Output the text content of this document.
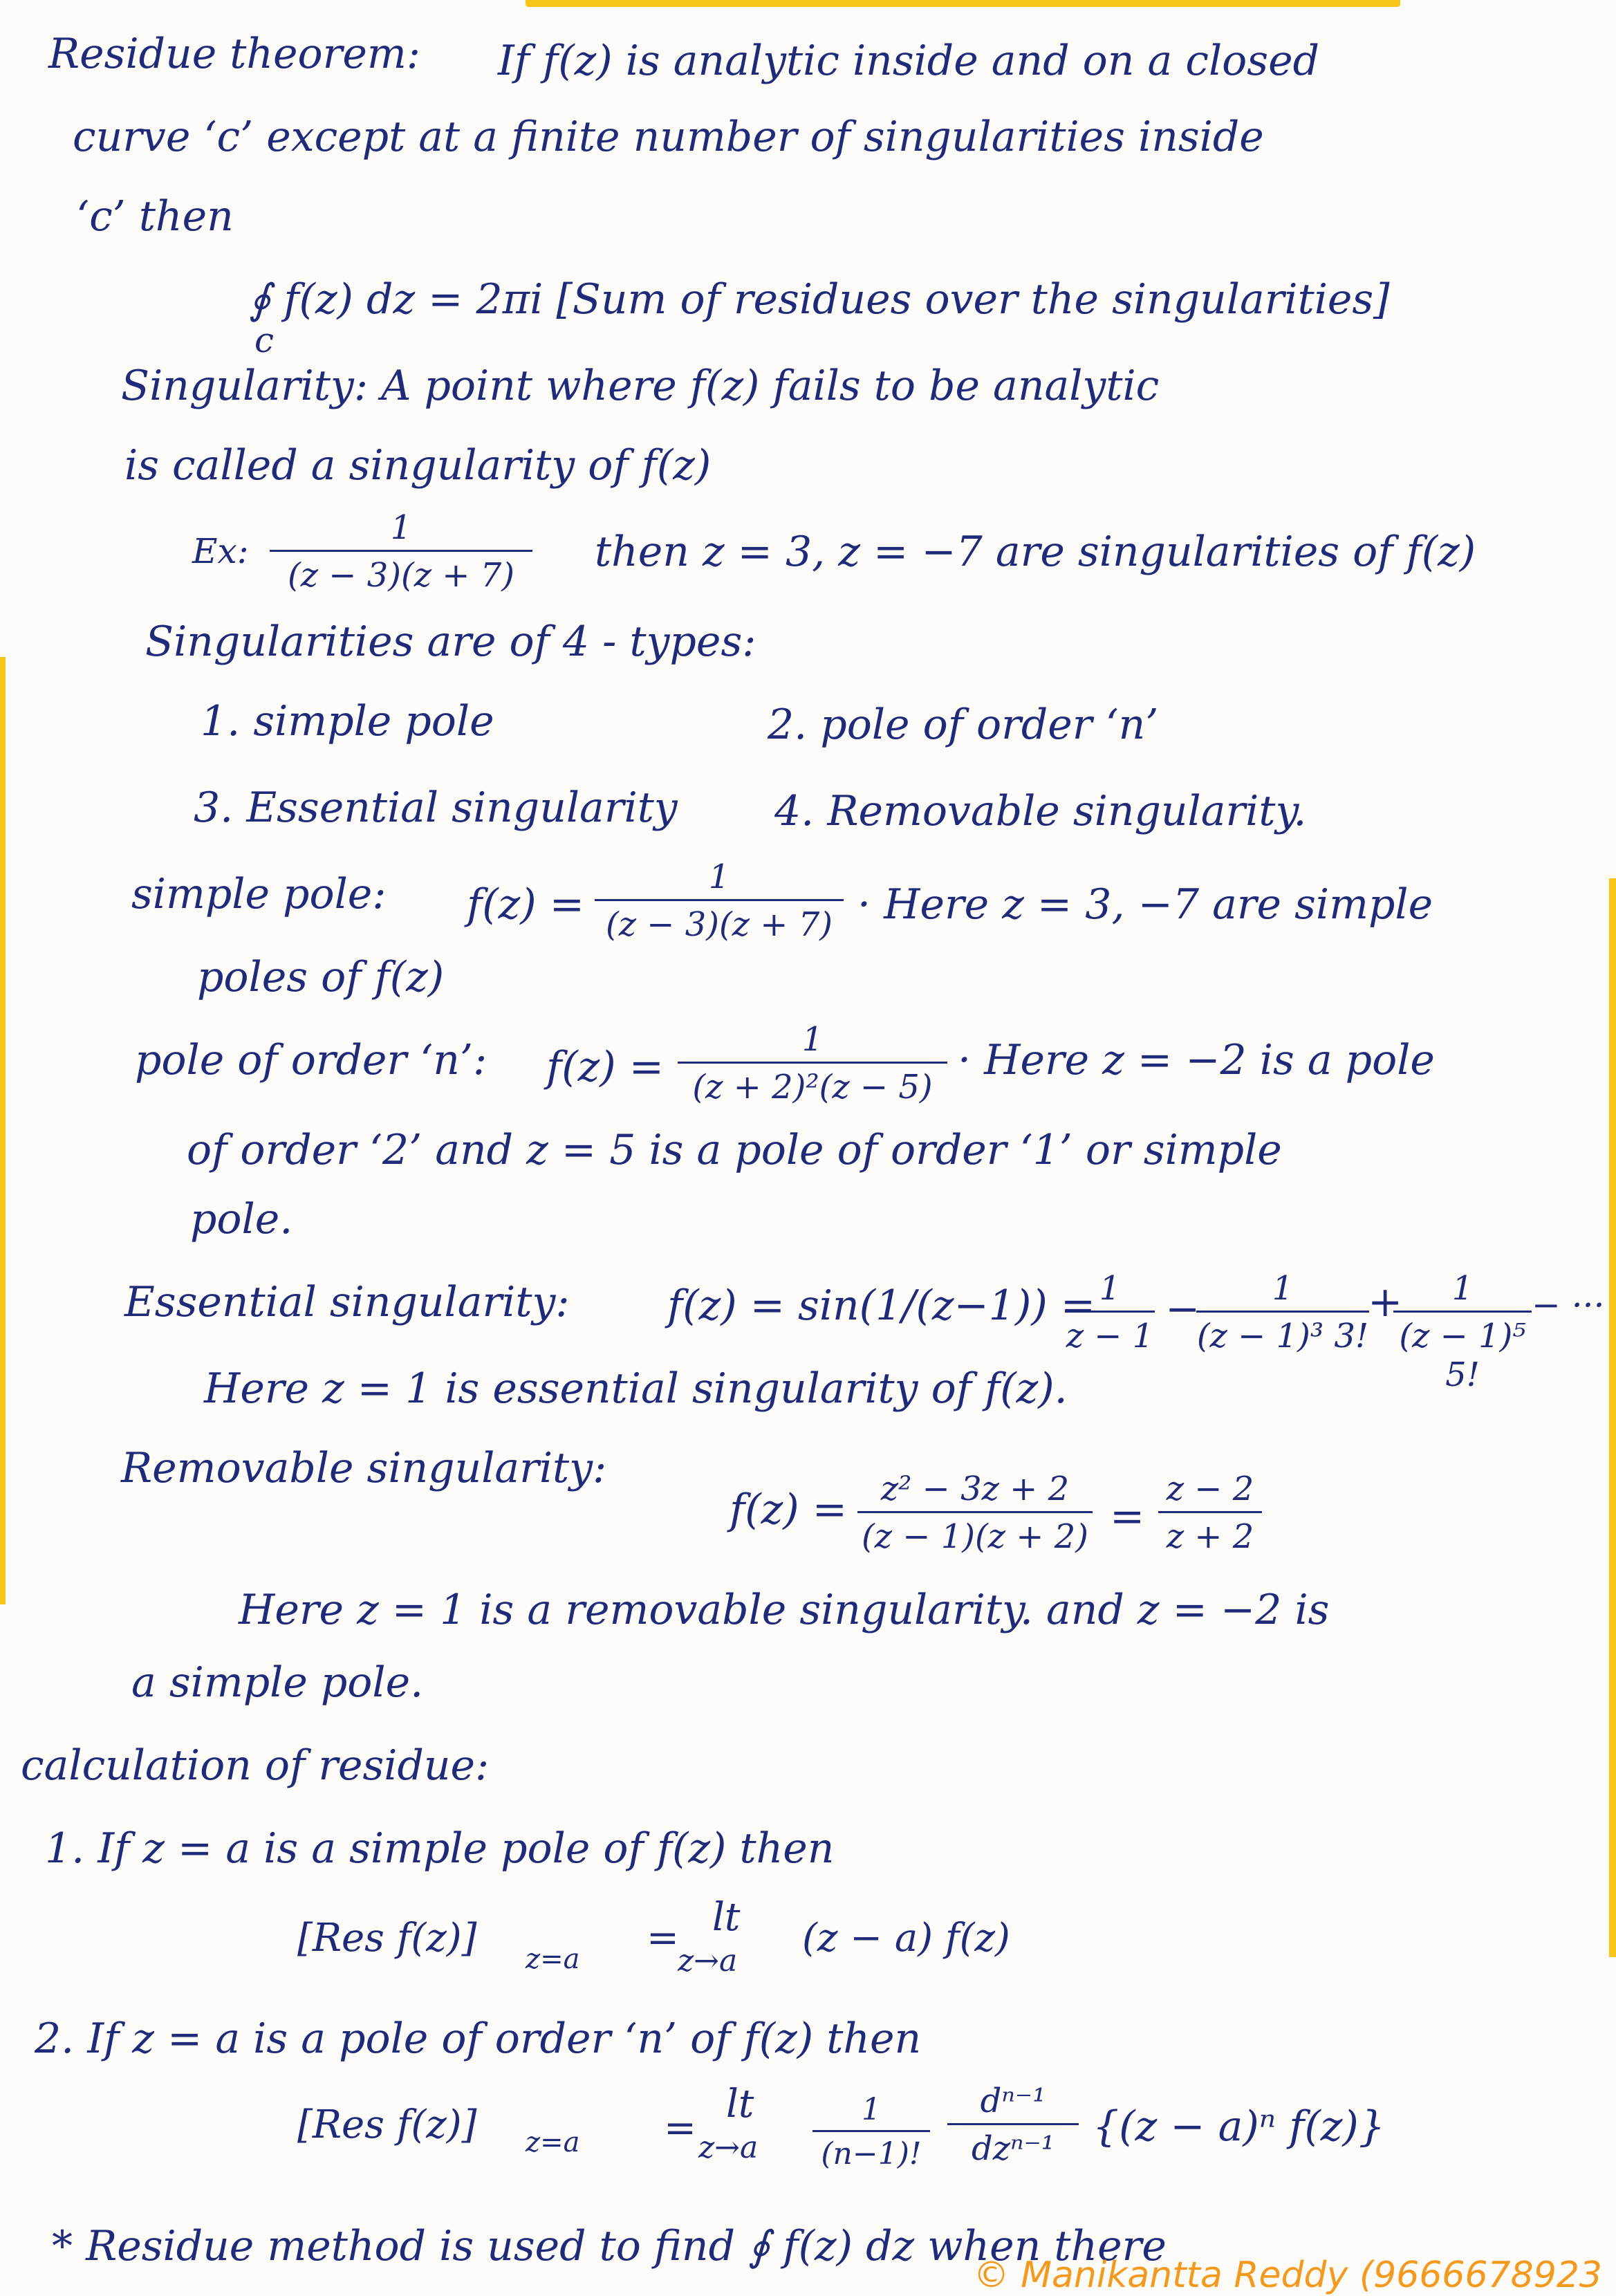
Residue theorem: If f(z) is analytic inside and on a closed
curve ‘c’ except at a finite number of singularities inside
‘c’ then
∮ f(z) dz = 2πi [Sum of residues over the singularities]
c
Singularity: A point where f(z) fails to be analytic
is called a singularity of f(z)
Ex: $\frac{1}{(z - 3)(z + 7)}$ then z = 3, z = −7 are singularities of f(z)
Singularities are of 4 - types:
1. simple pole	2. pole of order ‘n’
3. Essential singularity 4. Removable singularity.
simple pole: $f(z) = \frac{1}{(z - 3)(z + 7)}$ · Here z = 3, −7 are simple
poles of f(z)
pole of order ‘n’: $f(z) = \frac{1}{\text{(z + 2)²(z − 5)}}$ · Here z = −2 is a pole
of order ‘2’ and z = 5 is a pole of order ‘1’ or simple
pole.
Essential singularity: f(z) = sin(1/(z−1)) =
$\frac{1}{z - 1}$ −
$\frac{1}{\text{(z − 1)³ 3!}}$
+
$\frac{1}{\text{(z − 1)⁵ 5!}}$ − ···
Here z = 1 is essential singularity of f(z).
Removable singularity:
$f(z) = \frac{\text{z² − 3z + 2}}{(z - 1)(z + 2)} = \frac{z - 2}{z + 2}$
Here z = 1 is a removable singularity. and z = −2 is
a simple pole.
calculation of residue:
1. If z = a is a simple pole of f(z) then
[Res f(z)] z=a = lt
z→a
(z − a) f(z)
2. If z = a is a pole of order ‘n’ of f(z) then
[Res f(z)] z=a =
lt
$z\to a \frac{1}{(n-1)!}$	dⁿ⁻¹
dzⁿ⁻¹ {(z − a)ⁿ f(z)}
* Residue method is used to find ∮ f(z) dz when there
© Manikantta Reddy (9666678923
